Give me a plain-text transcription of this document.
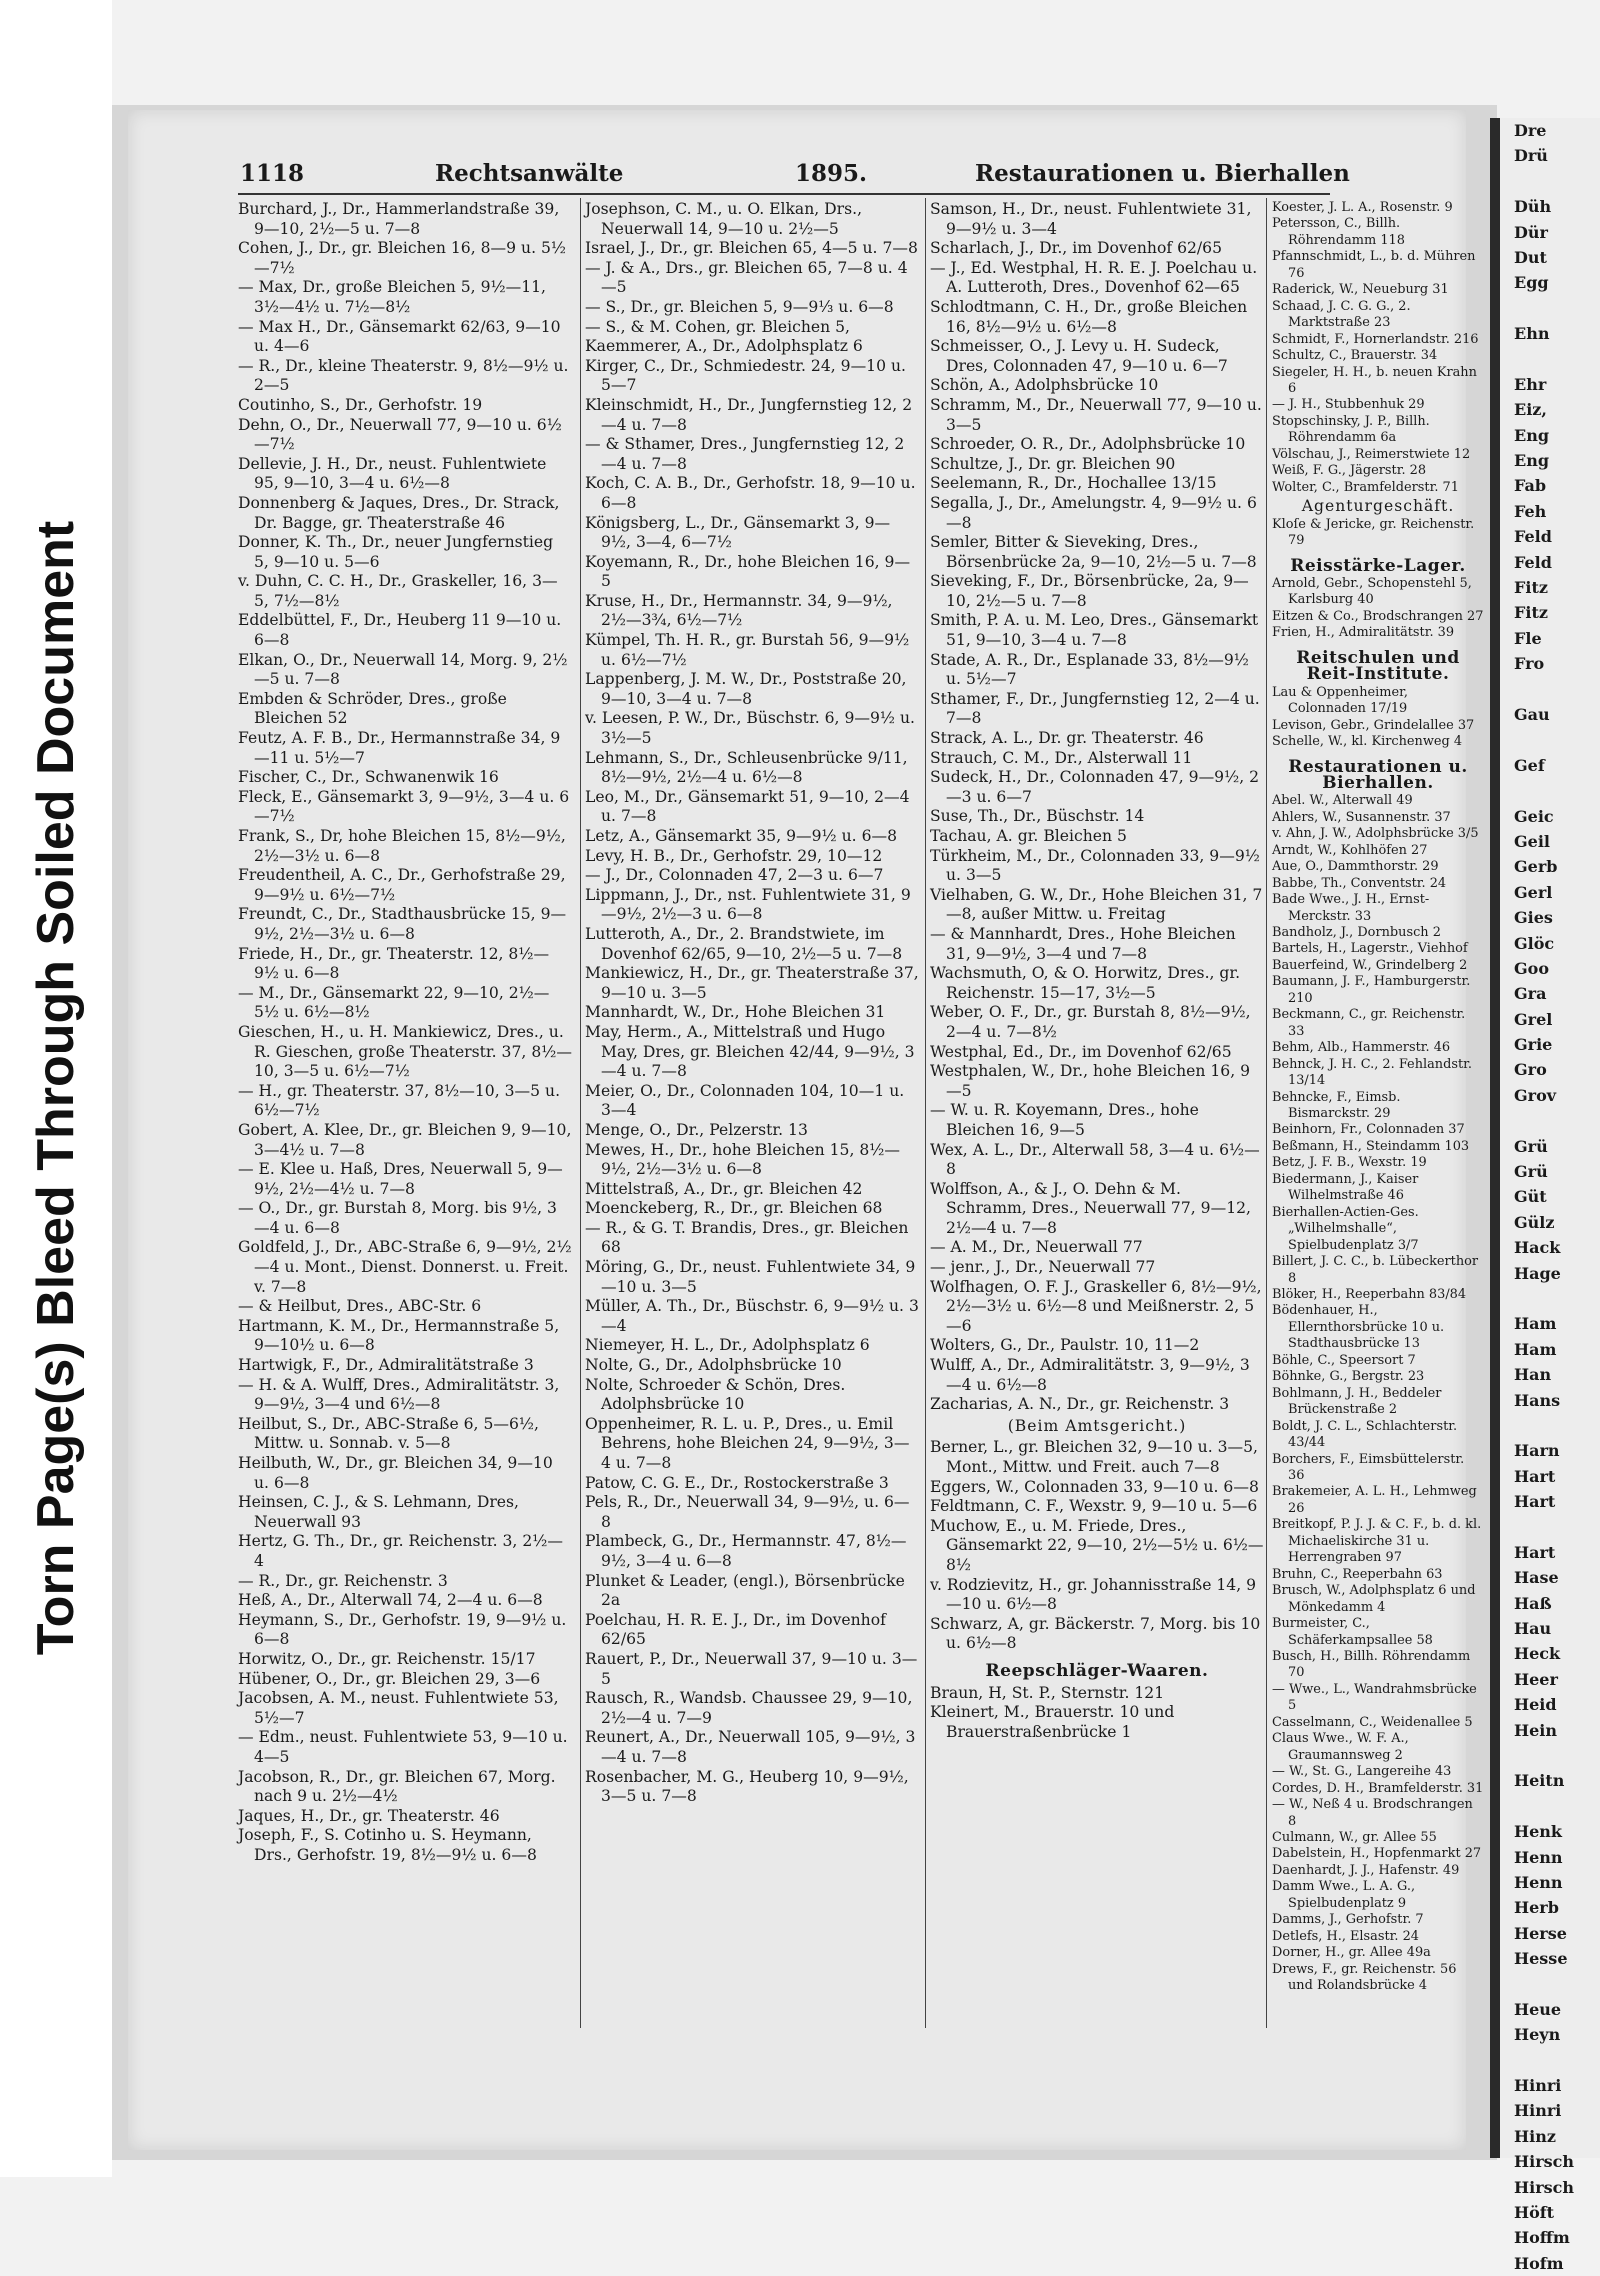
Torn Page(s) Bleed Through Soiled Document
Dre
Drü
Düh
Dür
Dut
Egg
Ehn
Ehr
Eiz,
Eng
Eng
Fab
Feh
Feld
Feld
Fitz
Fitz
Fle
Fro
Gau
Gef
Geic
Geil
Gerb
Gerl
Gies
Glöc
Goo
Gra
Grel
Grie
Gro
Grov
Grü
Grü
Güt
Gülz
Hack
Hage
Ham
Ham
Han
Hans
Harn
Hart
Hart
Hart
Hase
Haß
Hau
Heck
Heer
Heid
Hein
Heitn
Henk
Henn
Henn
Herb
Herse
Hesse
Heue
Heyn
Hinri
Hinri
Hinz
Hirsch
Hirsch
Höft
Hoffm
Hofm
1118	Rechtsanwälte	1895.	Restaurationen u. Bierhallen

Burchard, J., Dr., Hammerlandstraße 39, 9—10, 2½—5 u. 7—8

Cohen, J., Dr., gr. Bleichen 16, 8—9 u. 5½—7½

— Max, Dr., große Bleichen 5, 9½—11, 3½—4½ u. 7½—8½

— Max H., Dr., Gänsemarkt 62/63, 9—10 u. 4—6

— R., Dr., kleine Theaterstr. 9, 8½—9½ u. 2—5

Coutinho, S., Dr., Gerhofstr. 19

Dehn, O., Dr., Neuerwall 77, 9—10 u. 6½—7½

Dellevie, J. H., Dr., neust. Fuhlentwiete 95, 9—10, 3—4 u. 6½—8

Donnenberg & Jaques, Dres., Dr. Strack, Dr. Bagge, gr. Theaterstraße 46

Donner, K. Th., Dr., neuer Jungfernstieg 5, 9—10 u. 5—6

v. Duhn, C. C. H., Dr., Graskeller, 16, 3—5, 7½—8½

Eddelbüttel, F., Dr., Heuberg 11 9—10 u. 6—8

Elkan, O., Dr., Neuerwall 14, Morg. 9, 2½—5 u. 7—8

Embden & Schröder, Dres., große Bleichen 52

Feutz, A. F. B., Dr., Hermannstraße 34, 9—11 u. 5½—7

Fischer, C., Dr., Schwanenwik 16

Fleck, E., Gänsemarkt 3, 9—9½, 3—4 u. 6—7½

Frank, S., Dr, hohe Bleichen 15, 8½—9½, 2½—3½ u. 6—8

Freudentheil, A. C., Dr., Gerhofstraße 29, 9—9½ u. 6½—7½

Freundt, C., Dr., Stadthausbrücke 15, 9—9½, 2½—3½ u. 6—8

Friede, H., Dr., gr. Theaterstr. 12, 8½—9½ u. 6—8

— M., Dr., Gänsemarkt 22, 9—10, 2½—5½ u. 6½—8½

Gieschen, H., u. H. Mankiewicz, Dres., u. R. Gieschen, große Theaterstr. 37, 8½—10, 3—5 u. 6½—7½

— H., gr. Theaterstr. 37, 8½—10, 3—5 u. 6½—7½

Gobert, A. Klee, Dr., gr. Bleichen 9, 9—10, 3—4½ u. 7—8

— E. Klee u. Haß, Dres, Neuerwall 5, 9—9½, 2½—4½ u. 7—8

— O., Dr., gr. Burstah 8, Morg. bis 9½, 3—4 u. 6—8

Goldfeld, J., Dr., ABC-Straße 6, 9—9½, 2½—4 u. Mont., Dienst. Donnerst. u. Freit. v. 7—8

— & Heilbut, Dres., ABC-Str. 6

Hartmann, K. M., Dr., Hermannstraße 5, 9—10½ u. 6—8

Hartwigk, F., Dr., Admiralitätstraße 3

— H. & A. Wulff, Dres., Admiralitätstr. 3, 9—9½, 3—4 und 6½—8

Heilbut, S., Dr., ABC-Straße 6, 5—6½, Mittw. u. Sonnab. v. 5—8

Heilbuth, W., Dr., gr. Bleichen 34, 9—10 u. 6—8

Heinsen, C. J., & S. Lehmann, Dres, Neuerwall 93

Hertz, G. Th., Dr., gr. Reichenstr. 3, 2½—4

— R., Dr., gr. Reichenstr. 3

Heß, A., Dr., Alterwall 74, 2—4 u. 6—8

Heymann, S., Dr., Gerhofstr. 19, 9—9½ u. 6—8

Horwitz, O., Dr., gr. Reichenstr. 15/17

Hübener, O., Dr., gr. Bleichen 29, 3—6

Jacobsen, A. M., neust. Fuhlentwiete 53, 5½—7

— Edm., neust. Fuhlentwiete 53, 9—10 u. 4—5

Jacobson, R., Dr., gr. Bleichen 67, Morg. nach 9 u. 2½—4½

Jaques, H., Dr., gr. Theaterstr. 46

Joseph, F., S. Cotinho u. S. Heymann, Drs., Gerhofstr. 19, 8½—9½ u. 6—8

Josephson, C. M., u. O. Elkan, Drs., Neuerwall 14, 9—10 u. 2½—5

Israel, J., Dr., gr. Bleichen 65, 4—5 u. 7—8

— J. & A., Drs., gr. Bleichen 65, 7—8 u. 4—5

— S., Dr., gr. Bleichen 5, 9—9⅓ u. 6—8

— S., & M. Cohen, gr. Bleichen 5,

Kaemmerer, A., Dr., Adolphsplatz 6

Kirger, C., Dr., Schmiedestr. 24, 9—10 u. 5—7

Kleinschmidt, H., Dr., Jungfernstieg 12, 2—4 u. 7—8

— & Sthamer, Dres., Jungfernstieg 12, 2—4 u. 7—8

Koch, C. A. B., Dr., Gerhofstr. 18, 9—10 u. 6—8

Königsberg, L., Dr., Gänsemarkt 3, 9—9½, 3—4, 6—7½

Koyemann, R., Dr., hohe Bleichen 16, 9—5

Kruse, H., Dr., Hermannstr. 34, 9—9½, 2½—3¾, 6½—7½

Kümpel, Th. H. R., gr. Burstah 56, 9—9½ u. 6½—7½

Lappenberg, J. M. W., Dr., Poststraße 20, 9—10, 3—4 u. 7—8

v. Leesen, P. W., Dr., Büschstr. 6, 9—9½ u. 3½—5

Lehmann, S., Dr., Schleusenbrücke 9/11, 8½—9½, 2½—4 u. 6½—8

Leo, M., Dr., Gänsemarkt 51, 9—10, 2—4 u. 7—8

Letz, A., Gänsemarkt 35, 9—9½ u. 6—8

Levy, H. B., Dr., Gerhofstr. 29, 10—12

— J., Dr., Colonnaden 47, 2—3 u. 6—7

Lippmann, J., Dr., nst. Fuhlentwiete 31, 9—9½, 2½—3 u. 6—8

Lutteroth, A., Dr., 2. Brandstwiete, im Dovenhof 62/65, 9—10, 2½—5 u. 7—8

Mankiewicz, H., Dr., gr. Theaterstraße 37, 9—10 u. 3—5

Mannhardt, W., Dr., Hohe Bleichen 31

May, Herm., A., Mittelstraß und Hugo May, Dres, gr. Bleichen 42/44, 9—9½, 3—4 u. 7—8

Meier, O., Dr., Colonnaden 104, 10—1 u. 3—4

Menge, O., Dr., Pelzerstr. 13

Mewes, H., Dr., hohe Bleichen 15, 8½—9½, 2½—3½ u. 6—8

Mittelstraß, A., Dr., gr. Bleichen 42

Moenckeberg, R., Dr., gr. Bleichen 68

— R., & G. T. Brandis, Dres., gr. Bleichen 68

Möring, G., Dr., neust. Fuhlentwiete 34, 9—10 u. 3—5

Müller, A. Th., Dr., Büschstr. 6, 9—9½ u. 3—4

Niemeyer, H. L., Dr., Adolphsplatz 6

Nolte, G., Dr., Adolphsbrücke 10

Nolte, Schroeder & Schön, Dres. Adolphsbrücke 10

Oppenheimer, R. L. u. P., Dres., u. Emil Behrens, hohe Bleichen 24, 9—9½, 3—4 u. 7—8

Patow, C. G. E., Dr., Rostockerstraße 3

Pels, R., Dr., Neuerwall 34, 9—9½, u. 6—8

Plambeck, G., Dr., Hermannstr. 47, 8½—9½, 3—4 u. 6—8

Plunket & Leader, (engl.), Börsenbrücke 2a

Poelchau, H. R. E. J., Dr., im Dovenhof 62/65

Rauert, P., Dr., Neuerwall 37, 9—10 u. 3—5

Rausch, R., Wandsb. Chaussee 29, 9—10, 2½—4 u. 7—9

Reunert, A., Dr., Neuerwall 105, 9—9½, 3—4 u. 7—8

Rosenbacher, M. G., Heuberg 10, 9—9½, 3—5 u. 7—8

Samson, H., Dr., neust. Fuhlentwiete 31, 9—9½ u. 3—4

Scharlach, J., Dr., im Dovenhof 62/65

— J., Ed. Westphal, H. R. E. J. Poelchau u. A. Lutteroth, Dres., Dovenhof 62—65

Schlodtmann, C. H., Dr., große Bleichen 16, 8½—9½ u. 6½—8

Schmeisser, O., J. Levy u. H. Sudeck, Dres, Colonnaden 47, 9—10 u. 6—7

Schön, A., Adolphsbrücke 10

Schramm, M., Dr., Neuerwall 77, 9—10 u. 3—5

Schroeder, O. R., Dr., Adolphsbrücke 10

Schultze, J., Dr. gr. Bleichen 90

Seelemann, R., Dr., Hochallee 13/15

Segalla, J., Dr., Amelungstr. 4, 9—9½ u. 6—8

Semler, Bitter & Sieveking, Dres., Börsenbrücke 2a, 9—10, 2½—5 u. 7—8

Sieveking, F., Dr., Börsenbrücke, 2a, 9—10, 2½—5 u. 7—8

Smith, P. A. u. M. Leo, Dres., Gänsemarkt 51, 9—10, 3—4 u. 7—8

Stade, A. R., Dr., Esplanade 33, 8½—9½ u. 5½—7

Sthamer, F., Dr., Jungfernstieg 12, 2—4 u. 7—8

Strack, A. L., Dr. gr. Theaterstr. 46

Strauch, C. M., Dr., Alsterwall 11

Sudeck, H., Dr., Colonnaden 47, 9—9½, 2—3 u. 6—7

Suse, Th., Dr., Büschstr. 14

Tachau, A. gr. Bleichen 5

Türkheim, M., Dr., Colonnaden 33, 9—9½ u. 3—5

Vielhaben, G. W., Dr., Hohe Bleichen 31, 7—8, außer Mittw. u. Freitag

— & Mannhardt, Dres., Hohe Bleichen 31, 9—9½, 3—4 und 7—8

Wachsmuth, O, & O. Horwitz, Dres., gr. Reichenstr. 15—17, 3½—5

Weber, O. F., Dr., gr. Burstah 8, 8½—9½, 2—4 u. 7—8½

Westphal, Ed., Dr., im Dovenhof 62/65

Westphalen, W., Dr., hohe Bleichen 16, 9—5

— W. u. R. Koyemann, Dres., hohe Bleichen 16, 9—5

Wex, A. L., Dr., Alterwall 58, 3—4 u. 6½—8

Wolffson, A., & J., O. Dehn & M. Schramm, Dres., Neuerwall 77, 9—12, 2½—4 u. 7—8

— A. M., Dr., Neuerwall 77

— jenr., J., Dr., Neuerwall 77

Wolfhagen, O. F. J., Graskeller 6, 8½—9½, 2½—3½ u. 6½—8 und Meißnerstr. 2, 5—6

Wolters, G., Dr., Paulstr. 10, 11—2

Wulff, A., Dr., Admiralitätstr. 3, 9—9½, 3—4 u. 6½—8

Zacharias, A. N., Dr., gr. Reichenstr. 3

(Beim Amtsgericht.)

Berner, L., gr. Bleichen 32, 9—10 u. 3—5, Mont., Mittw. und Freit. auch 7—8

Eggers, W., Colonnaden 33, 9—10 u. 6—8

Feldtmann, C. F., Wexstr. 9, 9—10 u. 5—6

Muchow, E., u. M. Friede, Dres., Gänsemarkt 22, 9—10, 2½—5½ u. 6½—8½

v. Rodzievitz, H., gr. Johannisstraße 14, 9—10 u. 6½—8

Schwarz, A, gr. Bäckerstr. 7, Morg. bis 10 u. 6½—8

Reepschläger-Waaren.

Braun, H, St. P., Sternstr. 121

Kleinert, M., Brauerstr. 10 und Brauerstraßenbrücke 1

Koester, J. L. A., Rosenstr. 9

Petersson, C., Billh. Röhrendamm 118

Pfannschmidt, L., b. d. Mühren 76

Raderick, W., Neueburg 31

Schaad, J. C. G. G., 2. Marktstraße 23

Schmidt, F., Hornerlandstr. 216

Schultz, C., Brauerstr. 34

Siegeler, H. H., b. neuen Krahn 6

— J. H., Stubbenhuk 29

Stopschinsky, J. P., Billh. Röhrendamm 6a

Völschau, J., Reimerstwiete 12

Weiß, F. G., Jägerstr. 28

Wolter, C., Bramfelderstr. 71

Agenturgeschäft.

Kloſe & Jericke, gr. Reichenstr. 79

Reisstärke-Lager.

Arnold, Gebr., Schopenstehl 5, Karlsburg 40

Eitzen & Co., Brodschrangen 27

Frien, H., Admiralitätstr. 39

Reitschulen und Reit-Institute.

Lau & Oppenheimer, Colonnaden 17/19

Levison, Gebr., Grindelallee 37

Schelle, W., kl. Kirchenweg 4

Restaurationen u. Bierhallen.

Abel. W., Alterwall 49

Ahlers, W., Susannenstr. 37

v. Ahn, J. W., Adolphsbrücke 3/5

Arndt, W., Kohlhöfen 27

Aue, O., Dammthorstr. 29

Babbe, Th., Conventstr. 24

Bade Wwe., J. H., Ernst-Merckstr. 33

Bandholz, J., Dornbusch 2

Bartels, H., Lagerstr., Viehhof

Bauerfeind, W., Grindelberg 2

Baumann, J. F., Hamburgerstr. 210

Beckmann, C., gr. Reichenstr. 33

Behm, Alb., Hammerstr. 46

Behnck, J. H. C., 2. Fehlandstr. 13/14

Behncke, F., Eimsb. Bismarckstr. 29

Beinhorn, Fr., Colonnaden 37

Beßmann, H., Steindamm 103

Betz, J. F. B., Wexstr. 19

Biedermann, J., Kaiser Wilhelmstraße 46

Bierhallen-Actien-Ges. „Wilhelmshalle“, Spielbudenplatz 3/7

Billert, J. C. C., b. Lübeckerthor 8

Blöker, H., Reeperbahn 83/84

Bödenhauer, H., Ellernthorsbrücke 10 u. Stadthausbrücke 13

Böhle, C., Speersort 7

Böhnke, G., Bergstr. 23

Bohlmann, J. H., Beddeler Brückenstraße 2

Boldt, J. C. L., Schlachterstr. 43/44

Borchers, F., Eimsbüttelerstr. 36

Brakemeier, A. L. H., Lehmweg 26

Breitkopf, P. J. J. & C. F., b. d. kl. Michaeliskirche 31 u. Herrengraben 97

Bruhn, C., Reeperbahn 63

Brusch, W., Adolphsplatz 6 und Mönkedamm 4

Burmeister, C., Schäferkampsallee 58

Busch, H., Billh. Röhrendamm 70

— Wwe., L., Wandrahmsbrücke 5

Casselmann, C., Weidenallee 5

Claus Wwe., W. F. A., Graumannsweg 2

— W., St. G., Langereihe 43

Cordes, D. H., Bramfelderstr. 31

— W., Neß 4 u. Brodschrangen 8

Culmann, W., gr. Allee 55

Dabelstein, H., Hopfenmarkt 27

Daenhardt, J. J., Hafenstr. 49

Damm Wwe., L. A. G., Spielbudenplatz 9

Damms, J., Gerhofstr. 7

Detlefs, H., Elsastr. 24

Dorner, H., gr. Allee 49a

Drews, F., gr. Reichenstr. 56 und Rolandsbrücke 4
